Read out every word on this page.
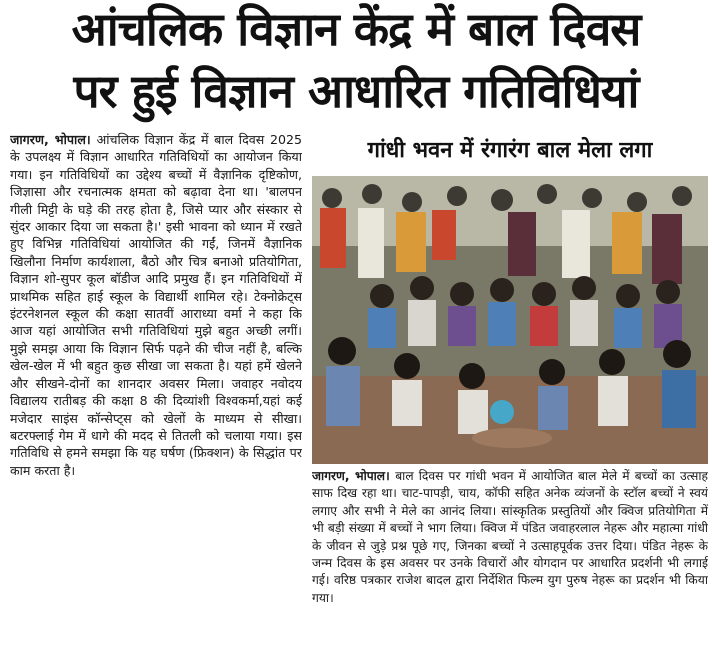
आंचलिक विज्ञान केंद्र में बाल दिवस
पर हुई विज्ञान आधारित गतिविधियां
जागरण, भोपाल। आंचलिक विज्ञान केंद्र में बाल दिवस 2025 के उपलक्ष्य में विज्ञान आधारित गतिविधियों का आयोजन किया गया। इन गतिविधियों का उद्देश्य बच्चों में वैज्ञानिक दृष्टिकोण, जिज्ञासा और रचनात्मक क्षमता को बढ़ावा देना था। 'बालपन गीली मिट्टी के घड़े की तरह होता है, जिसे प्यार और संस्कार से सुंदर आकार दिया जा सकता है।' इसी भावना को ध्यान में रखते हुए विभिन्न गतिविधियां आयोजित की गईं, जिनमें वैज्ञानिक खिलौना निर्माण कार्यशाला, बैठो और चित्र बनाओ प्रतियोगिता, विज्ञान शो-सुपर कूल बॉडीज आदि प्रमुख हैं। इन गतिविधियों में प्राथमिक सहित हाई स्कूल के विद्यार्थी शामिल रहे। टेक्नोक्रेट्स इंटरनेशनल स्कूल की कक्षा सातवीं आराध्या वर्मा ने कहा कि आज यहां आयोजित सभी गतिविधियां मुझे बहुत अच्छी लगीं। मुझे समझ आया कि विज्ञान सिर्फ पढ़ने की चीज नहीं है, बल्कि खेल-खेल में भी बहुत कुछ सीखा जा सकता है। यहां हमें खेलने और सीखने-दोनों का शानदार अवसर मिला। जवाहर नवोदय विद्यालय रातीबड़ की कक्षा 8 की दिव्यांशी विश्वकर्मा,यहां कई मजेदार साइंस कॉन्सेप्ट्स को खेलों के माध्यम से सीखा। बटरफ्लाई गेम में धागे की मदद से तितली को चलाया गया। इस गतिविधि से हमने समझा कि यह घर्षण (फ्रिक्शन) के सिद्धांत पर काम करता है।
गांधी भवन में रंगारंग बाल मेला लगा
जागरण, भोपाल। बाल दिवस पर गांधी भवन में आयोजित बाल मेले में बच्चों का उत्साह साफ दिख रहा था। चाट-पापड़ी, चाय, कॉफी सहित अनेक व्यंजनों के स्टॉल बच्चों ने स्वयं लगाए और सभी ने मेले का आनंद लिया। सांस्कृतिक प्रस्तुतियों और क्विज प्रतियोगिता में भी बड़ी संख्या में बच्चों ने भाग लिया। क्विज में पंडित जवाहरलाल नेहरू और महात्मा गांधी के जीवन से जुड़े प्रश्न पूछे गए, जिनका बच्चों ने उत्साहपूर्वक उत्तर दिया। पंडित नेहरू के जन्म दिवस के इस अवसर पर उनके विचारों और योगदान पर आधारित प्रदर्शनी भी लगाई गई। वरिष्ठ पत्रकार राजेश बादल द्वारा निर्देशित फिल्म युग पुरुष नेहरू का प्रदर्शन भी किया गया।
